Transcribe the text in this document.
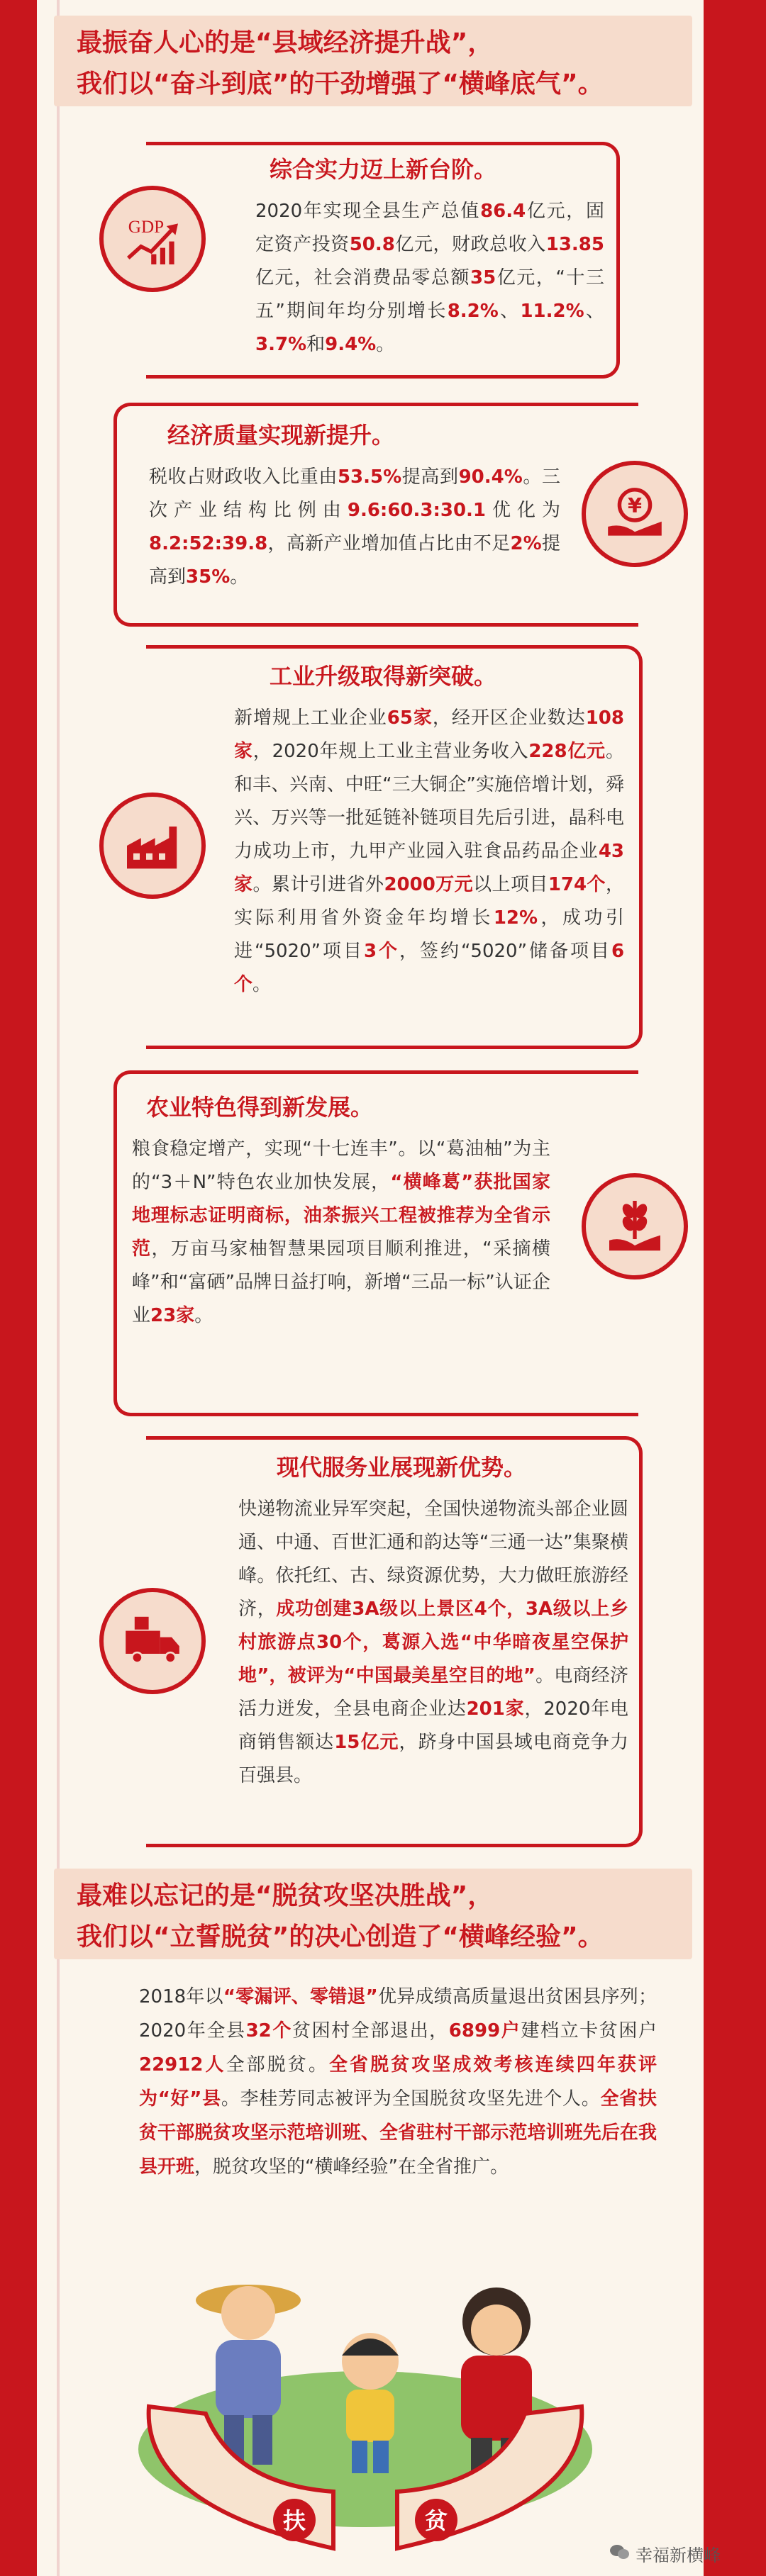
最振奋人心的是“县域经济提升战”，
我们以“奋斗到底”的干劲增强了“横峰底气”。
GDP
综合实力迈上新台阶。
2020年实现全县生产总值86.4亿元，固定资产投资50.8亿元，财政总收入13.85亿元，社会消费品零总额35亿元，“十三五”期间年均分别增长8.2%、11.2%、3.7%和9.4%。
¥
经济质量实现新提升。
税收占财政收入比重由53.5%提高到90.4%。三次产业结构比例由9.6:60.3:30.1优化为8.2:52:39.8，高新产业增加值占比由不足2%提高到35%。
工业升级取得新突破。
新增规上工业企业65家，经开区企业数达108家，2020年规上工业主营业务收入228亿元。和丰、兴南、中旺“三大铜企”实施倍增计划，舜兴、万兴等一批延链补链项目先后引进，晶科电力成功上市，九甲产业园入驻食品药品企业43家。累计引进省外2000万元以上项目174个，实际利用省外资金年均增长12%，成功引进“5020”项目3个，签约“5020”储备项目6个。
农业特色得到新发展。
粮食稳定增产，实现“十七连丰”。以“葛油柚”为主的“3＋N”特色农业加快发展，“横峰葛”获批国家地理标志证明商标，油茶振兴工程被推荐为全省示范，万亩马家柚智慧果园项目顺利推进，“采摘横峰”和“富硒”品牌日益打响，新增“三品一标”认证企业23家。
现代服务业展现新优势。
快递物流业异军突起，全国快递物流头部企业圆通、中通、百世汇通和韵达等“三通一达”集聚横峰。依托红、古、绿资源优势，大力做旺旅游经济，成功创建3A级以上景区4个，3A级以上乡村旅游点30个，葛源入选“中华暗夜星空保护地”，被评为“中国最美星空目的地”。电商经济活力迸发，全县电商企业达201家，2020年电商销售额达15亿元，跻身中国县域电商竞争力百强县。
最难以忘记的是“脱贫攻坚决胜战”，
我们以“立誓脱贫”的决心创造了“横峰经验”。
2018年以“零漏评、零错退”优异成绩高质量退出贫困县序列；2020年全县32个贫困村全部退出，6899户建档立卡贫困户22912人全部脱贫。全省脱贫攻坚成效考核连续四年获评为“好”县。李桂芳同志被评为全国脱贫攻坚先进个人。全省扶贫干部脱贫攻坚示范培训班、全省驻村干部示范培训班先后在我县开班，脱贫攻坚的“横峰经验”在全省推广。
扶	贫
幸福新横峰
